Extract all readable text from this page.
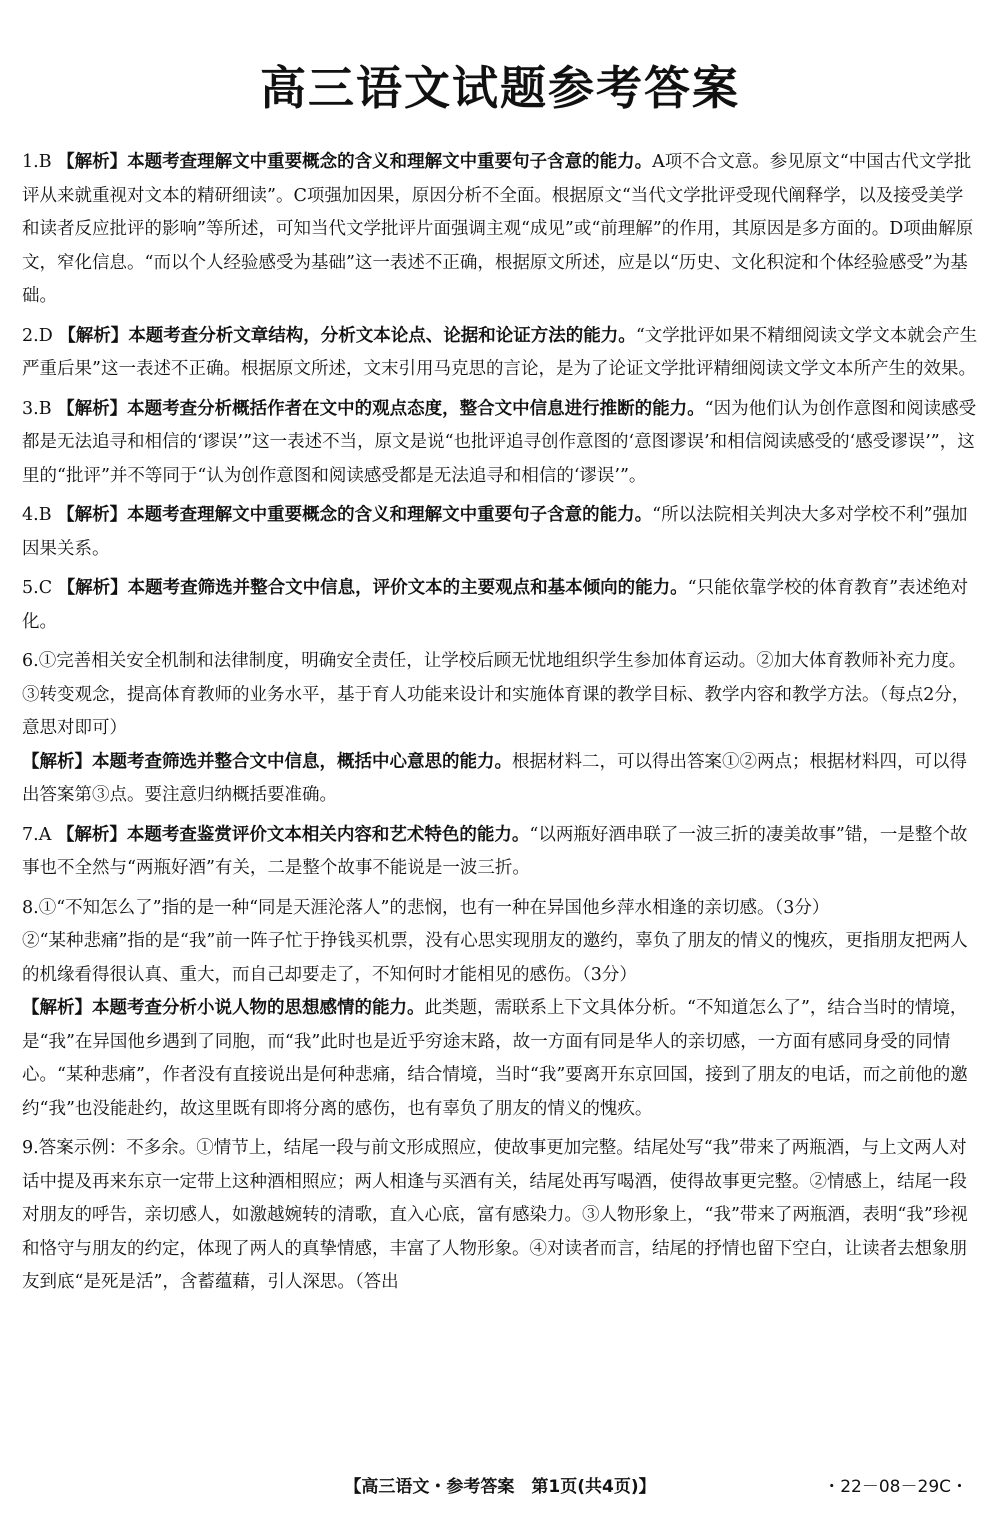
高三语文试题参考答案

1.B 【解析】本题考查理解文中重要概念的含义和理解文中重要句子含意的能力。A项不合文意。参见原文“中国古代文学批评从来就重视对文本的精研细读”。C项强加因果，原因分析不全面。根据原文“当代文学批评受现代阐释学，以及接受美学和读者反应批评的影响”等所述，可知当代文学批评片面强调主观“成见”或“前理解”的作用，其原因是多方面的。D项曲解原文，窄化信息。“而以个人经验感受为基础”这一表述不正确，根据原文所述，应是以“历史、文化积淀和个体经验感受”为基础。

2.D 【解析】本题考查分析文章结构，分析文本论点、论据和论证方法的能力。“文学批评如果不精细阅读文学文本就会产生严重后果”这一表述不正确。根据原文所述，文末引用马克思的言论，是为了论证文学批评精细阅读文学文本所产生的效果。

3.B 【解析】本题考查分析概括作者在文中的观点态度，整合文中信息进行推断的能力。“因为他们认为创作意图和阅读感受都是无法追寻和相信的‘谬误’”这一表述不当，原文是说“也批评追寻创作意图的‘意图谬误’和相信阅读感受的‘感受谬误’”，这里的“批评”并不等同于“认为创作意图和阅读感受都是无法追寻和相信的‘谬误’”。

4.B 【解析】本题考查理解文中重要概念的含义和理解文中重要句子含意的能力。“所以法院相关判决大多对学校不利”强加因果关系。

5.C 【解析】本题考查筛选并整合文中信息，评价文本的主要观点和基本倾向的能力。“只能依靠学校的体育教育”表述绝对化。

6.①完善相关安全机制和法律制度，明确安全责任，让学校后顾无忧地组织学生参加体育运动。②加大体育教师补充力度。③转变观念，提高体育教师的业务水平，基于育人功能来设计和实施体育课的教学目标、教学内容和教学方法。（每点2分，意思对即可）

【解析】本题考查筛选并整合文中信息，概括中心意思的能力。根据材料二，可以得出答案①②两点；根据材料四，可以得出答案第③点。要注意归纳概括要准确。

7.A 【解析】本题考查鉴赏评价文本相关内容和艺术特色的能力。“以两瓶好酒串联了一波三折的凄美故事”错，一是整个故事也不全然与“两瓶好酒”有关，二是整个故事不能说是一波三折。

8.①“不知怎么了”指的是一种“同是天涯沦落人”的悲悯，也有一种在异国他乡萍水相逢的亲切感。（3分）

②“某种悲痛”指的是“我”前一阵子忙于挣钱买机票，没有心思实现朋友的邀约，辜负了朋友的情义的愧疚，更指朋友把两人的机缘看得很认真、重大，而自己却要走了，不知何时才能相见的感伤。（3分）

【解析】本题考查分析小说人物的思想感情的能力。此类题，需联系上下文具体分析。“不知道怎么了”，结合当时的情境，是“我”在异国他乡遇到了同胞，而“我”此时也是近乎穷途末路，故一方面有同是华人的亲切感，一方面有感同身受的同情心。“某种悲痛”，作者没有直接说出是何种悲痛，结合情境，当时“我”要离开东京回国，接到了朋友的电话，而之前他的邀约“我”也没能赴约，故这里既有即将分离的感伤，也有辜负了朋友的情义的愧疚。

9.答案示例：不多余。①情节上，结尾一段与前文形成照应，使故事更加完整。结尾处写“我”带来了两瓶酒，与上文两人对话中提及再来东京一定带上这种酒相照应；两人相逢与买酒有关，结尾处再写喝酒，使得故事更完整。②情感上，结尾一段对朋友的呼告，亲切感人，如激越婉转的清歌，直入心底，富有感染力。③人物形象上，“我”带来了两瓶酒，表明“我”珍视和恪守与朋友的约定，体现了两人的真挚情感，丰富了人物形象。④对读者而言，结尾的抒情也留下空白，让读者去想象朋友到底“是死是活”，含蓄蕴藉，引人深思。（答出

【高三语文・参考答案　第1页(共4页)】	・22－08－29C・
